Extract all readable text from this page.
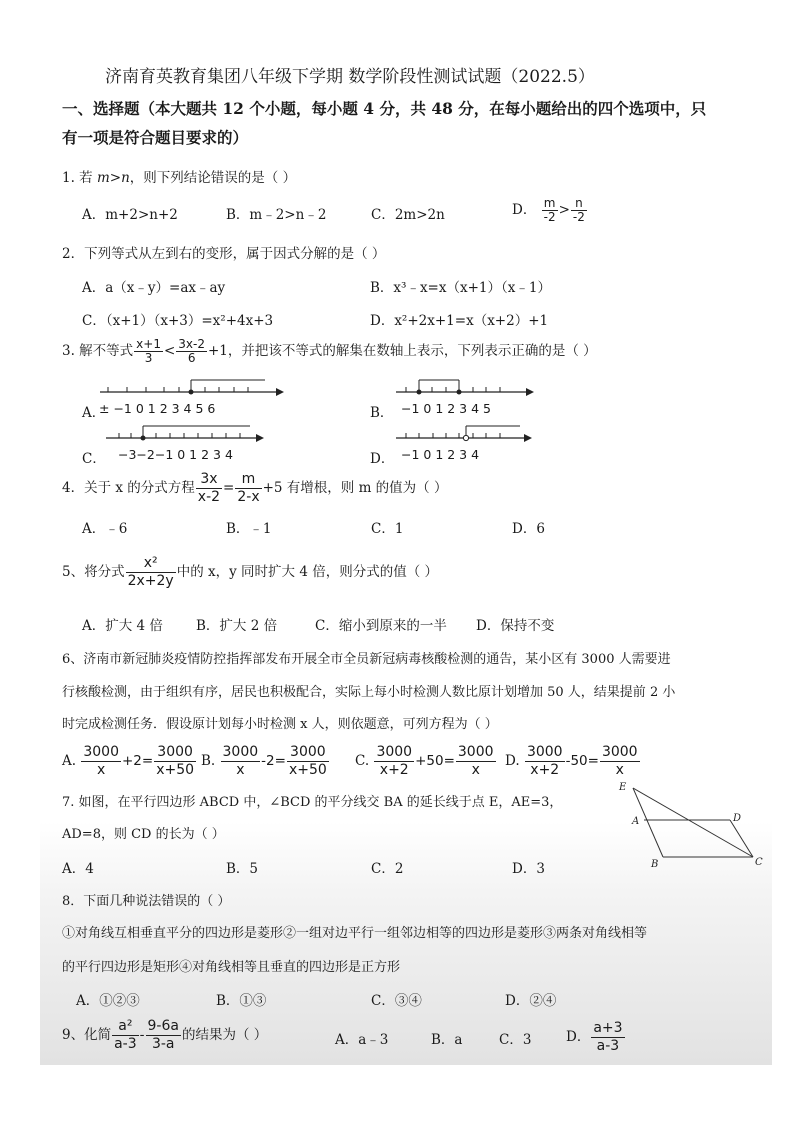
济南育英教育集团八年级下学期 数学阶段性测试试题（2022.5）
一、选择题（本大题共 12 个小题，每小题 4 分，共 48 分，在每小题给出的四个选项中，只
有一项是符合题目要求的）
1. 若 m>n，则下列结论错误的是（ ）
A．m+2>n+2	B．m﹣2>n﹣2	C．2m>2n	D． $\frac{m}{-2} > \frac{n}{-2}$
2．下列等式从左到右的变形，属于因式分解的是（ ）
A．a（x﹣y）=ax﹣ay	B．x³﹣x=x（x+1）（x﹣1）
C．（x+1）（x+3）=x²+4x+3	D．x²+2x+1=x（x+2）+1
3. 解不等式 $\frac{x+1}{3} < \frac{3x-2}{6} +1$，并把该不等式的解集在数轴上表示，下列表示正确的是（ ）
A．
± −1 0 1 2 3 4 5 6	B． −1 0 1 2 3 4 5
C． −3−2−1 0 1 2 3 4	D． −1 0 1 2 3 4
4．关于 x 的分式方程 $\frac{3x}{x-2} = \frac{m}{2-x} +5$ 有增根，则 m 的值为（ ）
A．﹣6	B．﹣1	C．1	D．6
5、将分式 $\frac{\text{x²}}{2x+2y}$ 中的 x，y 同时扩大 4 倍，则分式的值（ ）
A．扩大 4 倍 B．扩大 2 倍	C．缩小到原来的一半 D．保持不变
6、济南市新冠肺炎疫情防控指挥部发布开展全市全员新冠病毒核酸检测的通告，某小区有 3000 人需要进
行核酸检测，由于组织有序，居民也积极配合，实际上每小时检测人数比原计划增加 50 人，结果提前 2 小
时完成检测任务．假设原计划每小时检测 x 人，则依题意，可列方程为（ ）
A. $\frac{3000}{x} +2= \frac{3000}{x+50} B$. $\frac{3000}{x} -2= \frac{3000}{x+50} C$. $\frac{3000}{x+2} +50= \frac{3000}{x} D$. $\frac{3000}{x+2} -50= \frac{3000}{x}$
7. 如图，在平行四边形 ABCD 中，∠BCD 的平分线交 BA 的延长线于点 E，AE=3，
AD=8，则 CD 的长为（ ）
A．4	B．5	C．2	D．3
E
A	D
B	C
8．下面几种说法错误的（ ）
①对角线互相垂直平分的四边形是菱形②一组对边平行一组邻边相等的四边形是菱形③两条对角线相等
的平行四边形是矩形④对角线相等且垂直的四边形是正方形
A．①②③	B．①③	C．③④	D．②④
9、化简 $\frac{\text{a²}}{a-3} - \frac{9-6a}{3-a}$ 的结果为（ ）	A．a﹣3	B．a	C．3	D． $\frac{a+3}{a-3}$
